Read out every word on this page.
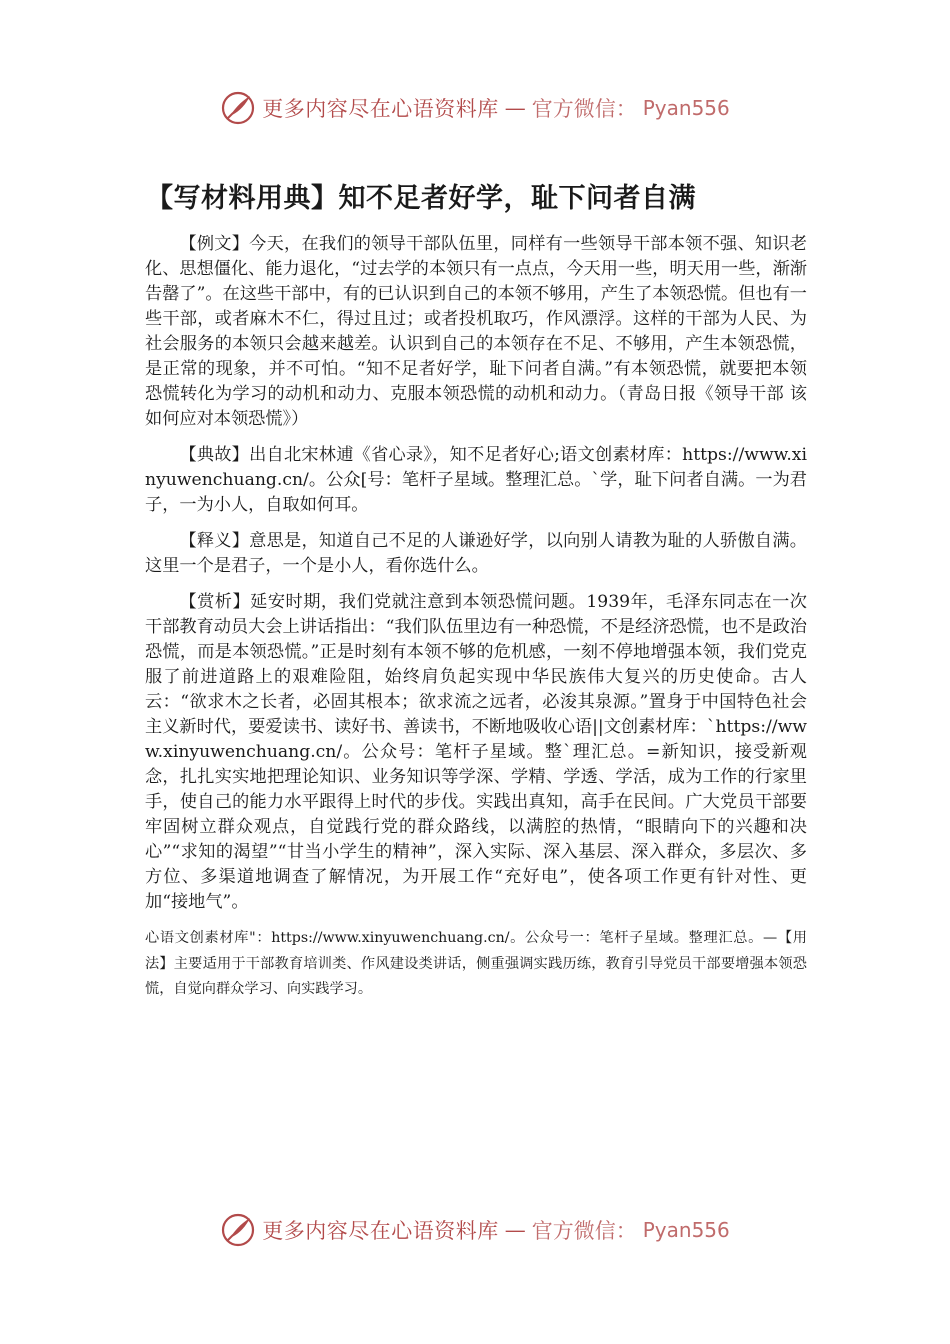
更多内容尽在心语资料库 — 官方微信： Pyan556
【写材料用典】知不足者好学，耻下问者自满

【例文】今天，在我们的领导干部队伍里，同样有一些领导干部本领不强、知识老化、思想僵化、能力退化，“过去学的本领只有一点点，今天用一些，明天用一些，渐渐告罄了”。在这些干部中，有的已认识到自己的本领不够用，产生了本领恐慌。但也有一些干部，或者麻木不仁，得过且过；或者投机取巧，作风漂浮。这样的干部为人民、为社会服务的本领只会越来越差。认识到自己的本领存在不足、不够用，产生本领恐慌，是正常的现象，并不可怕。“知不足者好学，耻下问者自满。”有本领恐慌，就要把本领恐慌转化为学习的动机和动力、克服本领恐慌的动机和动力。（青岛日报《领导干部 该如何应对本领恐慌》）

【典故】出自北宋林逋《省心录》，知不足者好心;语文创素材库：https://www.xinyuwenchuang.cn/。公众[号：笔杆子星域。整理汇总。`学，耻下问者自满。一为君子，一为小人，自取如何耳。

【释义】意思是，知道自己不足的人谦逊好学，以向别人请教为耻的人骄傲自满。这里一个是君子，一个是小人，看你选什么。

【赏析】延安时期，我们党就注意到本领恐慌问题。1939年，毛泽东同志在一次干部教育动员大会上讲话指出：“我们队伍里边有一种恐慌，不是经济恐慌，也不是政治恐慌，而是本领恐慌。”正是时刻有本领不够的危机感，一刻不停地增强本领，我们党克服了前进道路上的艰难险阻，始终肩负起实现中华民族伟大复兴的历史使命。古人云：“欲求木之长者，必固其根本；欲求流之远者，必浚其泉源。”置身于中国特色社会主义新时代，要爱读书、读好书、善读书，不断地吸收心语||文创素材库：`https://www.xinyuwenchuang.cn/。公众号：笔杆子星域。整`理汇总。=新知识，接受新观念，扎扎实实地把理论知识、业务知识等学深、学精、学透、学活，成为工作的行家里手，使自己的能力水平跟得上时代的步伐。实践出真知，高手在民间。广大党员干部要牢固树立群众观点，自觉践行党的群众路线，以满腔的热情，“眼睛向下的兴趣和决心”“求知的渴望”“甘当小学生的精神”，深入实际、深入基层、深入群众，多层次、多方位、多渠道地调查了解情况，为开展工作“充好电”，使各项工作更有针对性、更加“接地气”。

心语文创素材库"：https://www.xinyuwenchuang.cn/。公众号一：笔杆子星域。整理汇总。—【用法】主要适用于干部教育培训类、作风建设类讲话，侧重强调实践历练，教育引导党员干部要增强本领恐慌，自觉向群众学习、向实践学习。

更多内容尽在心语资料库 — 官方微信： Pyan556
